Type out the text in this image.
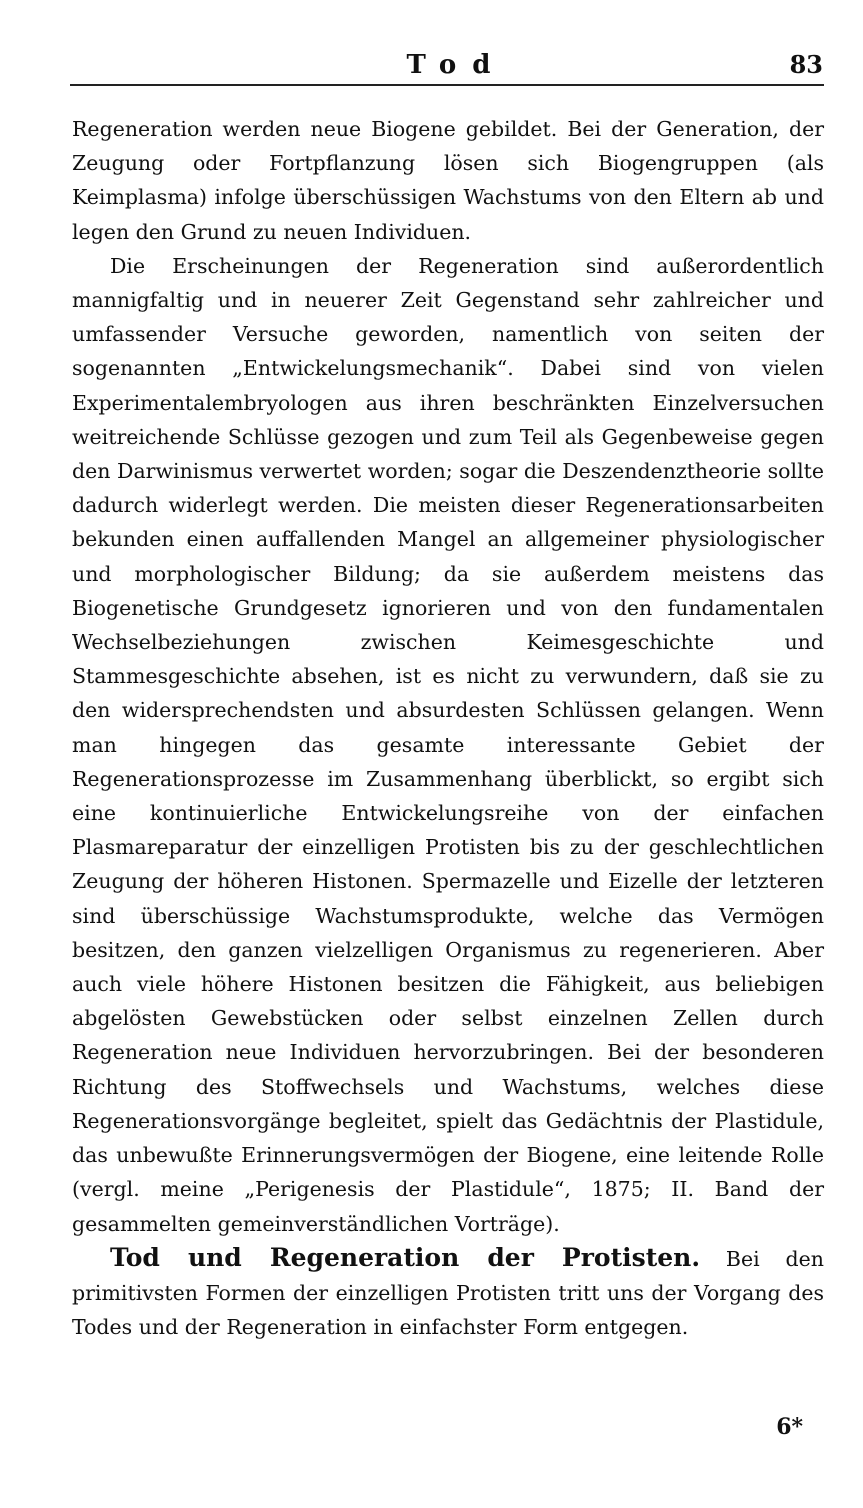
Tod	83

Regeneration werden neue Biogene gebildet. Bei der Generation, der Zeugung oder Fortpflanzung lösen sich Biogengruppen (als Keimplasma) infolge überschüssigen Wachstums von den Eltern ab und legen den Grund zu neuen Individuen.

Die Erscheinungen der Regeneration sind außerordentlich mannigfaltig und in neuerer Zeit Gegenstand sehr zahlreicher und umfassender Versuche geworden, namentlich von seiten der sogenannten „Entwickelungsmechanik“. Dabei sind von vielen Experimentalembryologen aus ihren beschränkten Einzelversuchen weitreichende Schlüsse gezogen und zum Teil als Gegenbeweise gegen den Darwinismus verwertet worden; sogar die Deszendenztheorie sollte dadurch widerlegt werden. Die meisten dieser Regenerationsarbeiten bekunden einen auffallenden Mangel an allgemeiner physiologischer und morphologischer Bildung; da sie außerdem meistens das Biogenetische Grundgesetz ignorieren und von den fundamentalen Wechselbeziehungen zwischen Keimesgeschichte und Stammesgeschichte absehen, ist es nicht zu verwundern, daß sie zu den widersprechendsten und absurdesten Schlüssen gelangen. Wenn man hingegen das gesamte interessante Gebiet der Regenerationsprozesse im Zusammenhang überblickt, so ergibt sich eine kontinuierliche Entwickelungsreihe von der einfachen Plasmareparatur der einzelligen Protisten bis zu der geschlechtlichen Zeugung der höheren Histonen. Spermazelle und Eizelle der letzteren sind überschüssige Wachstumsprodukte, welche das Vermögen besitzen, den ganzen vielzelligen Organismus zu regenerieren. Aber auch viele höhere Histonen besitzen die Fähigkeit, aus beliebigen abgelösten Gewebstücken oder selbst einzelnen Zellen durch Regeneration neue Individuen hervorzubringen. Bei der besonderen Richtung des Stoffwechsels und Wachstums, welches diese Regenerationsvorgänge begleitet, spielt das Gedächtnis der Plastidule, das unbewußte Erinnerungsvermögen der Biogene, eine leitende Rolle (vergl. meine „Perigenesis der Plastidule“, 1875; II. Band der gesammelten gemeinverständlichen Vorträge).

Tod und Regeneration der Protisten. Bei den primitivsten Formen der einzelligen Protisten tritt uns der Vorgang des Todes und der Regeneration in einfachster Form entgegen.

6*
